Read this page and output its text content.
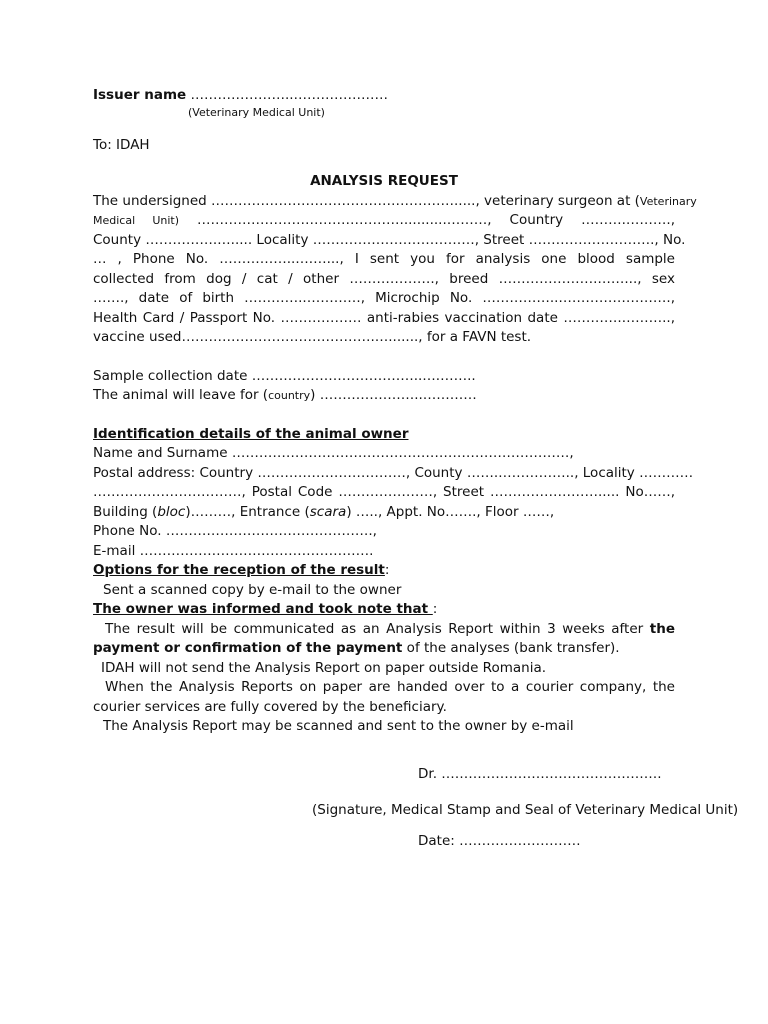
Issuer name …………………..…………………
(Veterinary Medical Unit)
To: IDAH
ANALYSIS REQUEST
The undersigned ………………………………………………....., veterinary surgeon at (Veterinary
Medical Unit) ………………………………………...........………, Country ……….……….,
County …………….…..... Locality ………………………………, Street ………………………., No.
… , Phone No. ……………..….…..., I sent you for analysis one blood sample
collected from dog / cat / other ………………., breed ………………….……..., sex
……., date of birth …………..…………, Microchip No. ……………..…………………….,
Health Card / Passport No. ……………… anti-rabies vaccination date ………….………..,
vaccine used…………………………………….…......., for a FAVN test.
Sample collection date ………………………………..….……..
The animal will leave for (country) …………………..…………
Identification details of the animal owner
Name and Surname …………………………………………………………………,
Postal address: Country ……………………………, County …….…………….., Locality …………
……………………………, Postal Code …………………, Street ……………………..... No……,
Building (bloc)………, Entrance (scara) ….., Appt. No……., Floor ……,
Phone No. ……………………………………….,
E-mail …………………………………………….
Options for the reception of the result:
Sent a scanned copy by e-mail to the owner
The owner was informed and took note that :
The result will be communicated as an Analysis Report within 3 weeks after the
payment or confirmation of the payment of the analyses (bank transfer).
IDAH will not send the Analysis Report on paper outside Romania.
When the Analysis Reports on paper are handed over to a courier company, the
courier services are fully covered by the beneficiary.
The Analysis Report may be scanned and sent to the owner by e-mail
Dr. ………………………………………….
(Signature, Medical Stamp and Seal of Veterinary Medical Unit)
Date: ………………………
